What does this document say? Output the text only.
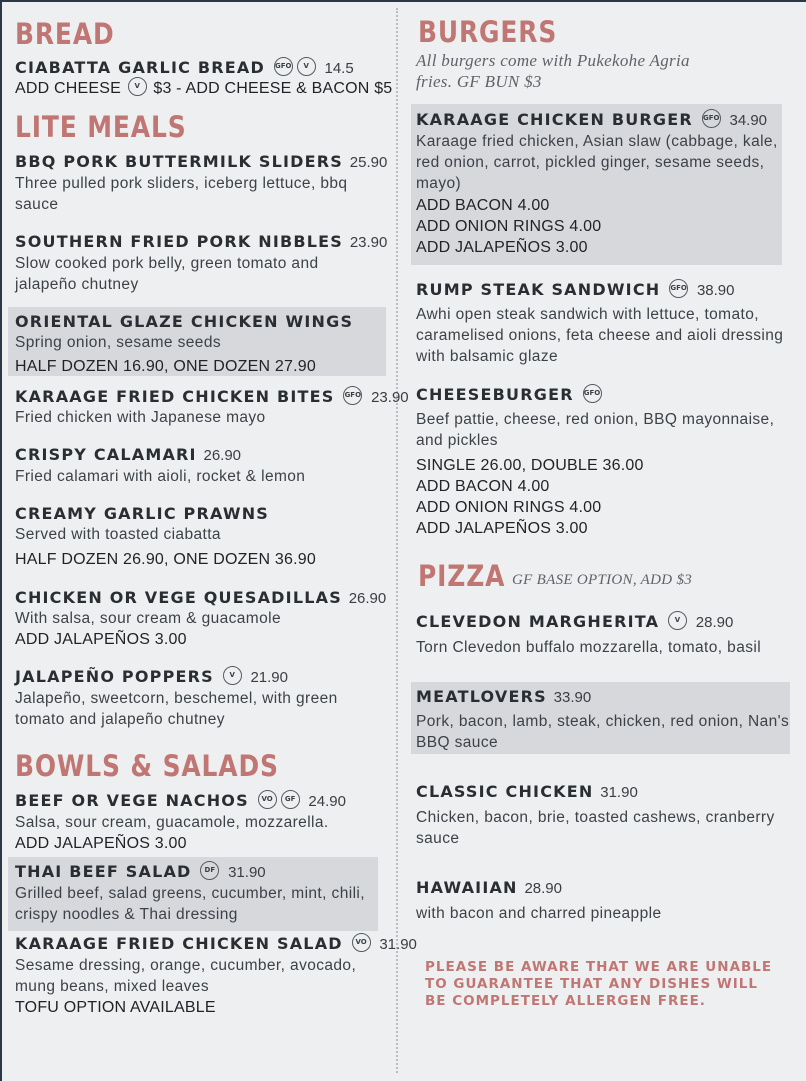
BREAD
CIABATTA GARLIC BREAD GFO V 14.5
ADD CHEESE V $3 - ADD CHEESE & BACON $5
LITE MEALS
BBQ PORK BUTTERMILK SLIDERS 25.90
Three pulled pork sliders, iceberg lettuce, bbq
sauce
SOUTHERN FRIED PORK NIBBLES 23.90
Slow cooked pork belly, green tomato and
jalapeño chutney
ORIENTAL GLAZE CHICKEN WINGS
Spring onion, sesame seeds
HALF DOZEN 16.90, ONE DOZEN 27.90
KARAAGE FRIED CHICKEN BITES GFO 23.90
Fried chicken with Japanese mayo
CRISPY CALAMARI 26.90
Fried calamari with aioli, rocket & lemon
CREAMY GARLIC PRAWNS
Served with toasted ciabatta
HALF DOZEN 26.90, ONE DOZEN 36.90
CHICKEN OR VEGE QUESADILLAS 26.90
With salsa, sour cream & guacamole
ADD JALAPEÑOS 3.00
JALAPEÑO POPPERS V 21.90
Jalapeño, sweetcorn, beschemel, with green
tomato and jalapeño chutney
BOWLS & SALADS
BEEF OR VEGE NACHOS VO GF 24.90
Salsa, sour cream, guacamole, mozzarella.
ADD JALAPEÑOS 3.00
THAI BEEF SALAD DF 31.90
Grilled beef, salad greens, cucumber, mint, chili,
crispy noodles & Thai dressing
KARAAGE FRIED CHICKEN SALAD VO 31.90
Sesame dressing, orange, cucumber, avocado,
mung beans, mixed leaves
TOFU OPTION AVAILABLE
BURGERS
All burgers come with Pukekohe Agria
fries. GF BUN $3
KARAAGE CHICKEN BURGER GFO 34.90
Karaage fried chicken, Asian slaw (cabbage, kale,
red onion, carrot, pickled ginger, sesame seeds,
mayo)
ADD BACON 4.00
ADD ONION RINGS 4.00
ADD JALAPEÑOS 3.00
RUMP STEAK SANDWICH GFO 38.90
Awhi open steak sandwich with lettuce, tomato,
caramelised onions, feta cheese and aioli dressing
with balsamic glaze
CHEESEBURGER GFO
Beef pattie, cheese, red onion, BBQ mayonnaise,
and pickles
SINGLE 26.00, DOUBLE 36.00
ADD BACON 4.00
ADD ONION RINGS 4.00
ADD JALAPEÑOS 3.00
PIZZA GF BASE OPTION, ADD $3
CLEVEDON MARGHERITA V 28.90
Torn Clevedon buffalo mozzarella, tomato, basil
MEATLOVERS 33.90
Pork, bacon, lamb, steak, chicken, red onion, Nan's
BBQ sauce
CLASSIC CHICKEN 31.90
Chicken, bacon, brie, toasted cashews, cranberry
sauce
HAWAIIAN 28.90
with bacon and charred pineapple
PLEASE BE AWARE THAT WE ARE UNABLE
TO GUARANTEE THAT ANY DISHES WILL
BE COMPLETELY ALLERGEN FREE.
